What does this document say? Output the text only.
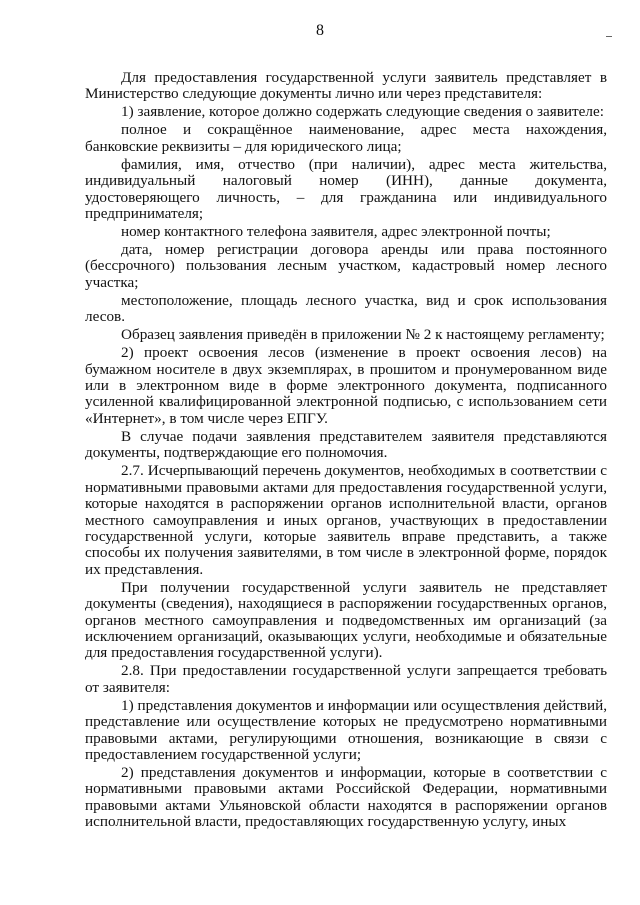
8

Для предоставления государственной услуги заявитель представляет в Министерство следующие документы лично или через представителя:

1) заявление, которое должно содержать следующие сведения о заявителе:

полное и сокращённое наименование, адрес места нахождения, банковские реквизиты – для юридического лица;

фамилия, имя, отчество (при наличии), адрес места жительства, индивидуальный налоговый номер (ИНН), данные документа, удостоверяющего личность, – для гражданина или индивидуального предпринимателя;

номер контактного телефона заявителя, адрес электронной почты;

дата, номер регистрации договора аренды или права постоянного (бессрочного) пользования лесным участком, кадастровый номер лесного участка;

местоположение, площадь лесного участка, вид и срок использования лесов.

Образец заявления приведён в приложении № 2 к настоящему регламенту;

2) проект освоения лесов (изменение в проект освоения лесов) на бумажном носителе в двух экземплярах, в прошитом и пронумерованном виде или в электронном виде в форме электронного документа, подписанного усиленной квалифицированной электронной подписью, с использованием сети «Интернет», в том числе через ЕПГУ.

В случае подачи заявления представителем заявителя представляются документы, подтверждающие его полномочия.

2.7. Исчерпывающий перечень документов, необходимых в соответствии с нормативными правовыми актами для предоставления государственной услуги, которые находятся в распоряжении органов исполнительной власти, органов местного самоуправления и иных органов, участвующих в предоставлении государственной услуги, которые заявитель вправе представить, а также способы их получения заявителями, в том числе в электронной форме, порядок их представления.

При получении государственной услуги заявитель не представляет документы (сведения), находящиеся в распоряжении государственных органов, органов местного самоуправления и подведомственных им организаций (за исключением организаций, оказывающих услуги, необходимые и обязательные для предоставления государственной услуги).

2.8. При предоставлении государственной услуги запрещается требовать от заявителя:

1) представления документов и информации или осуществления действий, представление или осуществление которых не предусмотрено нормативными правовыми актами, регулирующими отношения, возникающие в связи с предоставлением государственной услуги;

2) представления документов и информации, которые в соответствии с нормативными правовыми актами Российской Федерации, нормативными правовыми актами Ульяновской области находятся в распоряжении органов исполнительной власти, предоставляющих государственную услугу, иных
